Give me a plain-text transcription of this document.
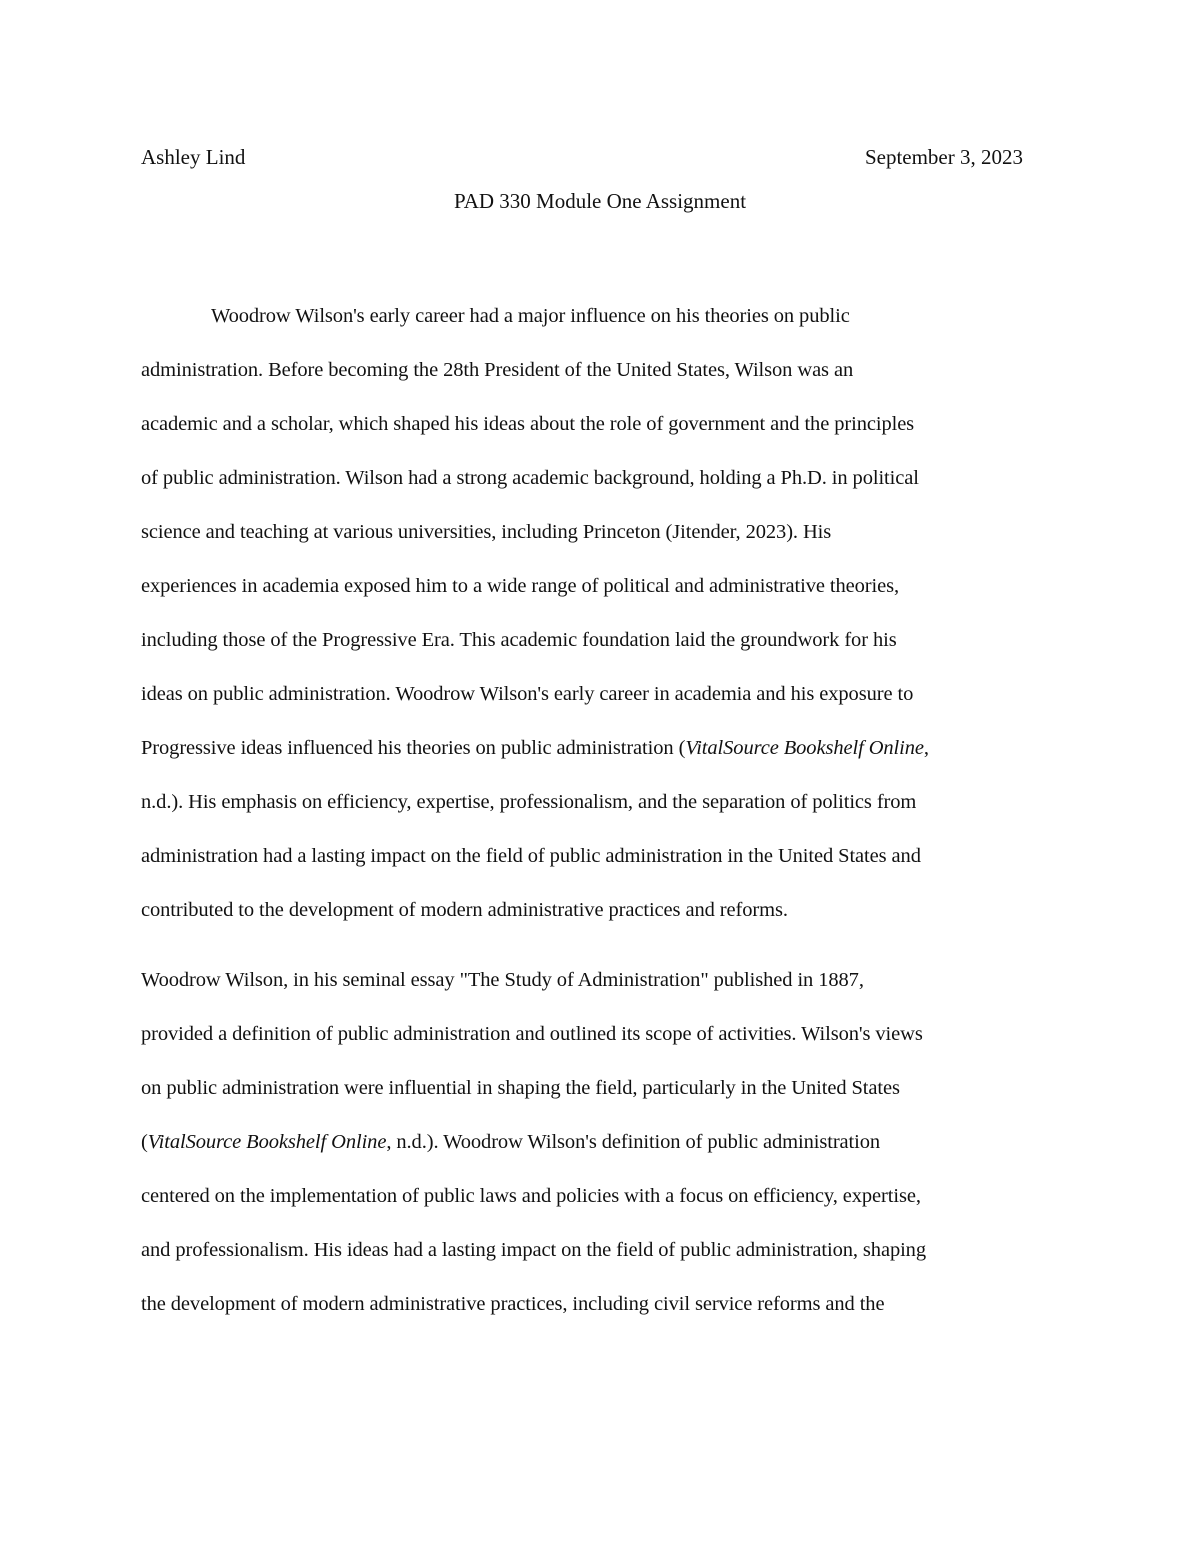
Ashley Lind	September 3, 2023
PAD 330 Module One Assignment
Woodrow Wilson's early career had a major influence on his theories on public
administration. Before becoming the 28th President of the United States, Wilson was an
academic and a scholar, which shaped his ideas about the role of government and the principles
of public administration. Wilson had a strong academic background, holding a Ph.D. in political
science and teaching at various universities, including Princeton (Jitender, 2023). His
experiences in academia exposed him to a wide range of political and administrative theories,
including those of the Progressive Era. This academic foundation laid the groundwork for his
ideas on public administration. Woodrow Wilson's early career in academia and his exposure to
Progressive ideas influenced his theories on public administration (VitalSource Bookshelf Online,
n.d.). His emphasis on efficiency, expertise, professionalism, and the separation of politics from
administration had a lasting impact on the field of public administration in the United States and
contributed to the development of modern administrative practices and reforms.
Woodrow Wilson, in his seminal essay "The Study of Administration" published in 1887,
provided a definition of public administration and outlined its scope of activities. Wilson's views
on public administration were influential in shaping the field, particularly in the United States
(VitalSource Bookshelf Online, n.d.). Woodrow Wilson's definition of public administration
centered on the implementation of public laws and policies with a focus on efficiency, expertise,
and professionalism. His ideas had a lasting impact on the field of public administration, shaping
the development of modern administrative practices, including civil service reforms and the
